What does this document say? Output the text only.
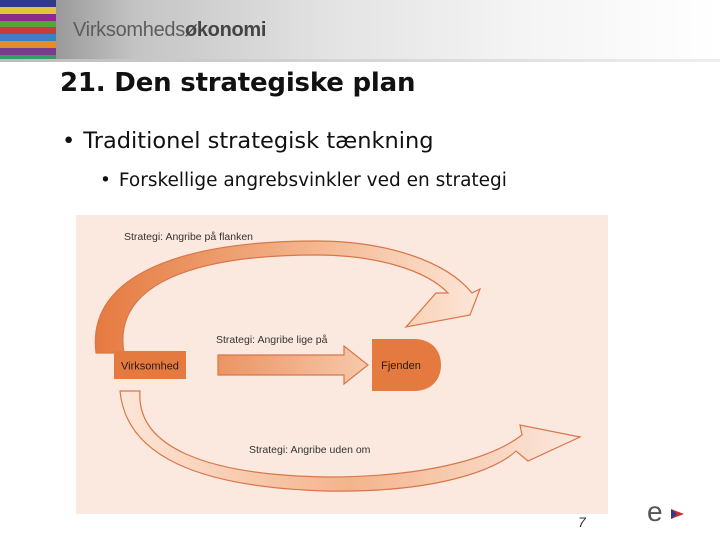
Virksomhedsøkonomi
21. Den strategiske plan
• Traditionel strategisk tænkning
• Forskellige angrebsvinkler ved en strategi
Virksomhed	Fjenden
Strategi: Angribe på flanken
Strategi: Angribe lige på
Strategi: Angribe uden om
7 e
